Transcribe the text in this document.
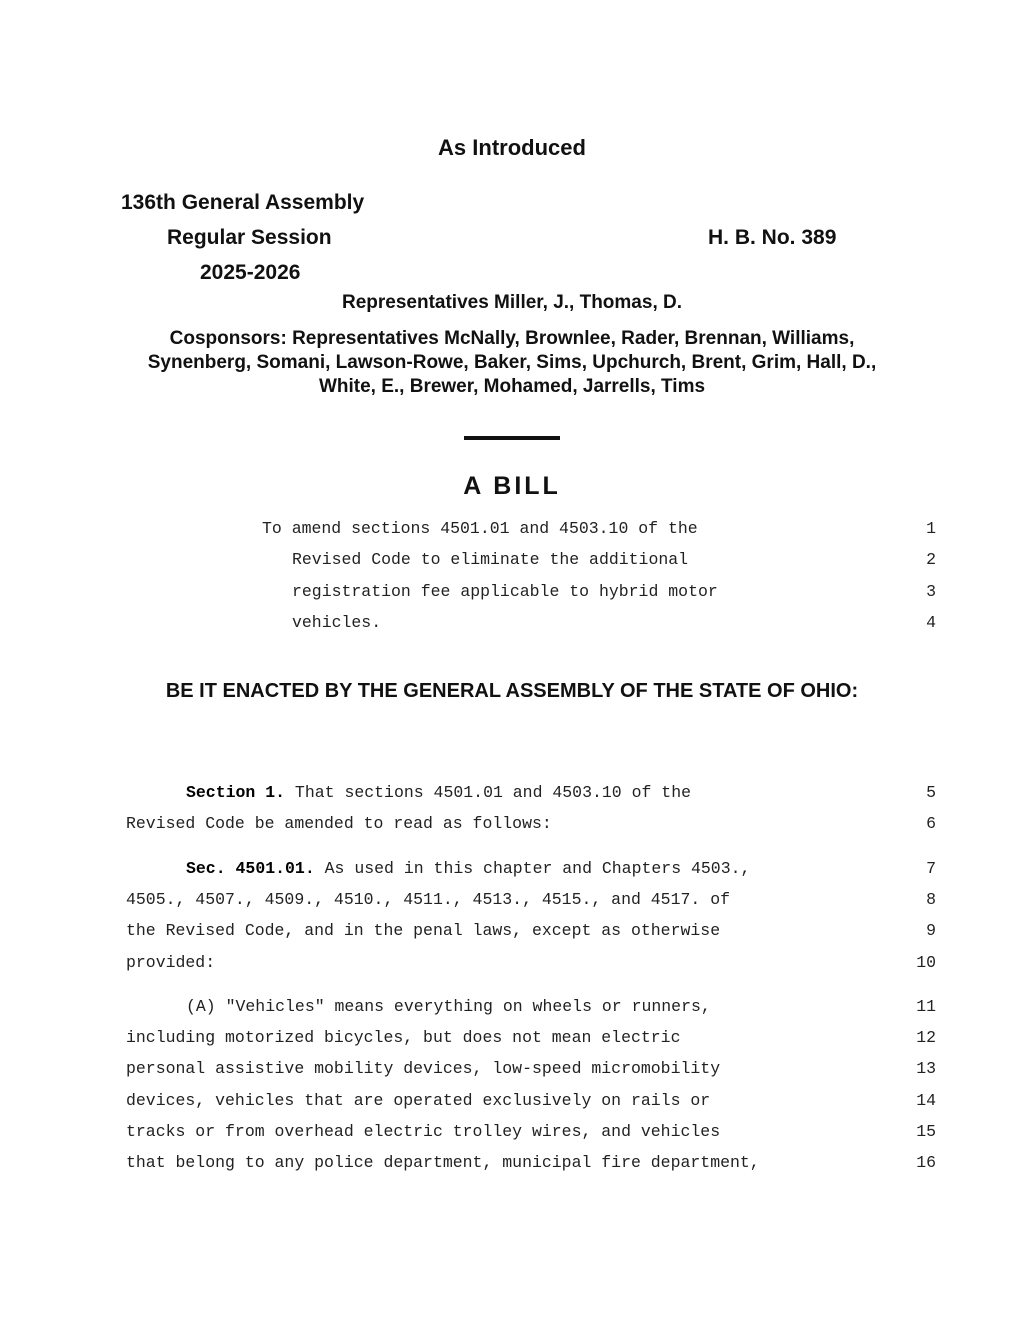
As Introduced
136th General Assembly
Regular Session
2025-2026
H. B. No. 389
Representatives Miller, J., Thomas, D.
Cosponsors: Representatives McNally, Brownlee, Rader, Brennan, Williams,
Synenberg, Somani, Lawson-Rowe, Baker, Sims, Upchurch, Brent, Grim, Hall, D.,
White, E., Brewer, Mohamed, Jarrells, Tims
A BILL
To amend sections 4501.01 and 4503.10 of the	1
Revised Code to eliminate the additional	2
registration fee applicable to hybrid motor	3
vehicles.	4
BE IT ENACTED BY THE GENERAL ASSEMBLY OF THE STATE OF OHIO:
Section 1. That sections 4501.01 and 4503.10 of the	5
Revised Code be amended to read as follows:	6
Sec. 4501.01. As used in this chapter and Chapters 4503.,	7
4505., 4507., 4509., 4510., 4511., 4513., 4515., and 4517. of	8
the Revised Code, and in the penal laws, except as otherwise	9
provided:	10
(A) "Vehicles" means everything on wheels or runners,	11
including motorized bicycles, but does not mean electric	12
personal assistive mobility devices, low-speed micromobility	13
devices, vehicles that are operated exclusively on rails or	14
tracks or from overhead electric trolley wires, and vehicles	15
that belong to any police department, municipal fire department,	16
